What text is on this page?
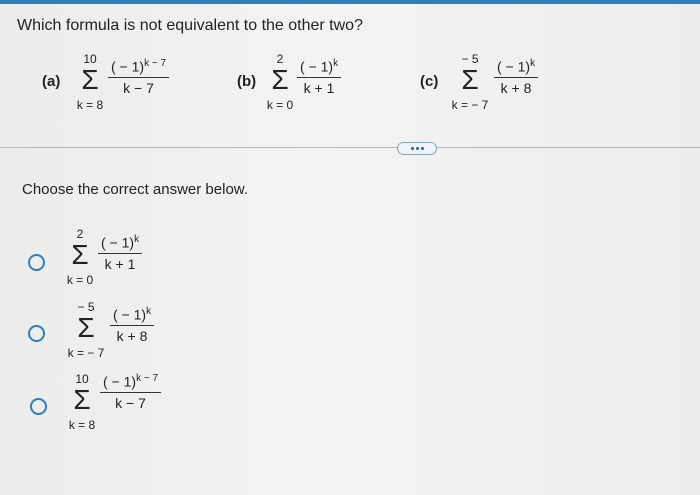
Which formula is not equivalent to the other two?
(a)
10
Σ
k = 8
( − 1)$^{k - 7}$
k − 7	(b)
2
Σ
k = 0
( − 1)$^k$
k + 1	(c)
− 5
Σ
k = − 7
( − 1)$^k$
k + 8
Choose the correct answer below.
2
Σ
k = 0
( − 1)$^k$
k + 1
− 5
Σ
k = − 7
( − 1)$^k$
k + 8
10
Σ
k = 8
( − 1)$^{k - 7}$
k − 7
